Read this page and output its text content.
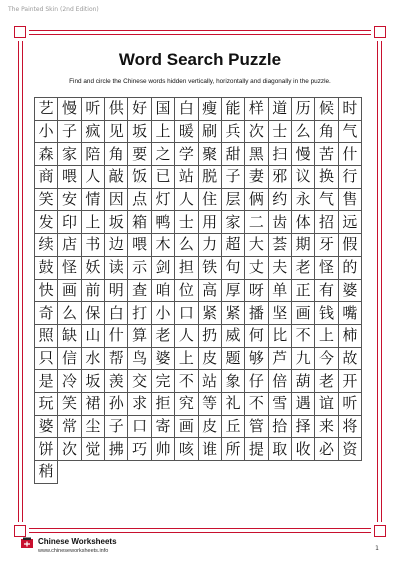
The Painted Skin (2nd Edition)
Word Search Puzzle
Find and circle the Chinese words hidden vertically, horizontally and diagonally in the puzzle.
艺 慢 听 供 好 国 白 瘦 能 样 道 历 候 时
小 子 疯 见 坂 上 暖 刷 兵 次 士 么 角 气
森 家 陪 角 要 之 学 聚 甜 黑 扫 慢 苦 什
商 喂 人 敲 饭 已 站 脱 子 妻 邪 议 换 行
笑 安 情 因 点 灯 人 住 层 俩 约 永 气 售
发 印 上 坂 箱 鸭 士 用 家 二 齿 体 招 远
续 店 书 边 喂 木 么 力 超 大 荟 期 牙 假
鼓 怪 妖 读 示 剑 担 铁 句 丈 夫 老 怪 的
快 画 前 明 查 咱 位 高 厚 呀 单 正 有 婆
奇 么 保 白 打 小 口 紧 紧 播 坚 画 钱 嘴
照 缺 山 什 算 老 人 扔 威 何 比 不 上 柿
只 信 水 帮 鸟 婆 上 皮 题 够 芦 九 今 故
是 冷 坂 羡 交 完 不 站 象 仔 倍 葫 老 开
玩 笑 裙 孙 求 拒 究 等 礼 不 雪 遇 谊 听
婆 常 尘 子 口 寄 画 皮 丘 管 拾 择 来 将
饼 次 觉 拂 巧 帅 咳 谁 所 提 取 收 必 资
稍
Chinese Worksheets
www.chineseworksheets.info	1
